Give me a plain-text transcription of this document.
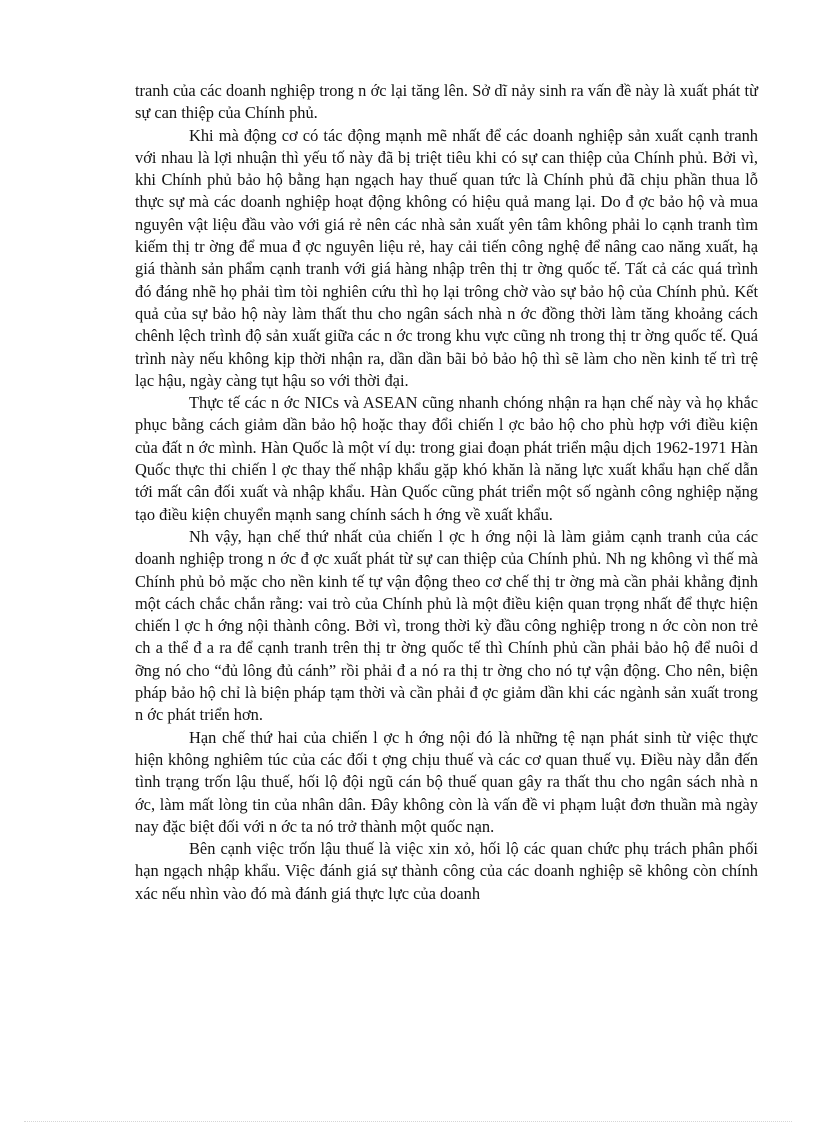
tranh của các doanh nghiệp trong n ớc lại tăng lên. Sở dĩ nảy sinh ra vấn đề này là xuất phát từ sự can thiệp của Chính phủ.

Khi mà động cơ có tác động mạnh mẽ nhất để các doanh nghiệp sản xuất cạnh tranh với nhau là lợi nhuận thì yếu tố này đã bị triệt tiêu khi có sự can thiệp của Chính phủ. Bởi vì, khi Chính phủ bảo hộ bằng hạn ngạch hay thuế quan tức là Chính phủ đã chịu phần thua lỗ thực sự mà các doanh nghiệp hoạt động không có hiệu quả mang lại. Do đ ợc bảo hộ và mua nguyên vật liệu đầu vào với giá rẻ nên các nhà sản xuất yên tâm không phải lo cạnh tranh tìm kiếm thị tr ờng để mua đ ợc nguyên liệu rẻ, hay cải tiến công nghệ để nâng cao năng xuất, hạ giá thành sản phẩm cạnh tranh với giá hàng nhập trên thị tr ờng quốc tế. Tất cả các quá trình đó đáng nhẽ họ phải tìm tòi nghiên cứu thì họ lại trông chờ vào sự bảo hộ của Chính phủ. Kết quả của sự bảo hộ này làm thất thu cho ngân sách nhà n ớc đồng thời làm tăng khoảng cách chênh lệch trình độ sản xuất giữa các n ớc trong khu vực cũng nh trong thị tr ờng quốc tế. Quá trình này nếu không kịp thời nhận ra, dần dần bãi bỏ bảo hộ thì sẽ làm cho nền kinh tế trì trệ lạc hậu, ngày càng tụt hậu so với thời đại.

Thực tế các n ớc NICs và ASEAN cũng nhanh chóng nhận ra hạn chế này và họ khắc phục bằng cách giảm dần bảo hộ hoặc thay đổi chiến l ợc bảo hộ cho phù hợp với điều kiện của đất n ớc mình. Hàn Quốc là một ví dụ: trong giai đoạn phát triển mậu dịch 1962-1971 Hàn Quốc thực thi chiến l ợc thay thế nhập khẩu gặp khó khăn là năng lực xuất khẩu hạn chế dẫn tới mất cân đối xuất và nhập khẩu. Hàn Quốc cũng phát triển một số ngành công nghiệp nặng tạo điều kiện chuyển mạnh sang chính sách h ớng về xuất khẩu.

Nh vậy, hạn chế thứ nhất của chiến l ợc h ớng nội là làm giảm cạnh tranh của các doanh nghiệp trong n ớc đ ợc xuất phát từ sự can thiệp của Chính phủ. Nh ng không vì thế mà Chính phủ bỏ mặc cho nền kinh tế tự vận động theo cơ chế thị tr ờng mà cần phải khẳng định một cách chắc chắn rằng: vai trò của Chính phủ là một điều kiện quan trọng nhất để thực hiện chiến l ợc h ớng nội thành công. Bởi vì, trong thời kỳ đầu công nghiệp trong n ớc còn non trẻ ch a thể đ a ra để cạnh tranh trên thị tr ờng quốc tế thì Chính phủ cần phải bảo hộ để nuôi d ỡng nó cho “đủ lông đủ cánh” rồi phải đ a nó ra thị tr ờng cho nó tự vận động. Cho nên, biện pháp bảo hộ chỉ là biện pháp tạm thời và cần phải đ ợc giảm dần khi các ngành sản xuất trong n ớc phát triển hơn.

Hạn chế thứ hai của chiến l ợc h ớng nội đó là những tệ nạn phát sinh từ việc thực hiện không nghiêm túc của các đối t ợng chịu thuế và các cơ quan thuế vụ. Điều này dẫn đến tình trạng trốn lậu thuế, hối lộ đội ngũ cán bộ thuế quan gây ra thất thu cho ngân sách nhà n ớc, làm mất lòng tin của nhân dân. Đây không còn là vấn đề vi phạm luật đơn thuần mà ngày nay đặc biệt đối với n ớc ta nó trở thành một quốc nạn.

Bên cạnh việc trốn lậu thuế là việc xin xỏ, hối lộ các quan chức phụ trách phân phối hạn ngạch nhập khẩu. Việc đánh giá sự thành công của các doanh nghiệp sẽ không còn chính xác nếu nhìn vào đó mà đánh giá thực lực của doanh
